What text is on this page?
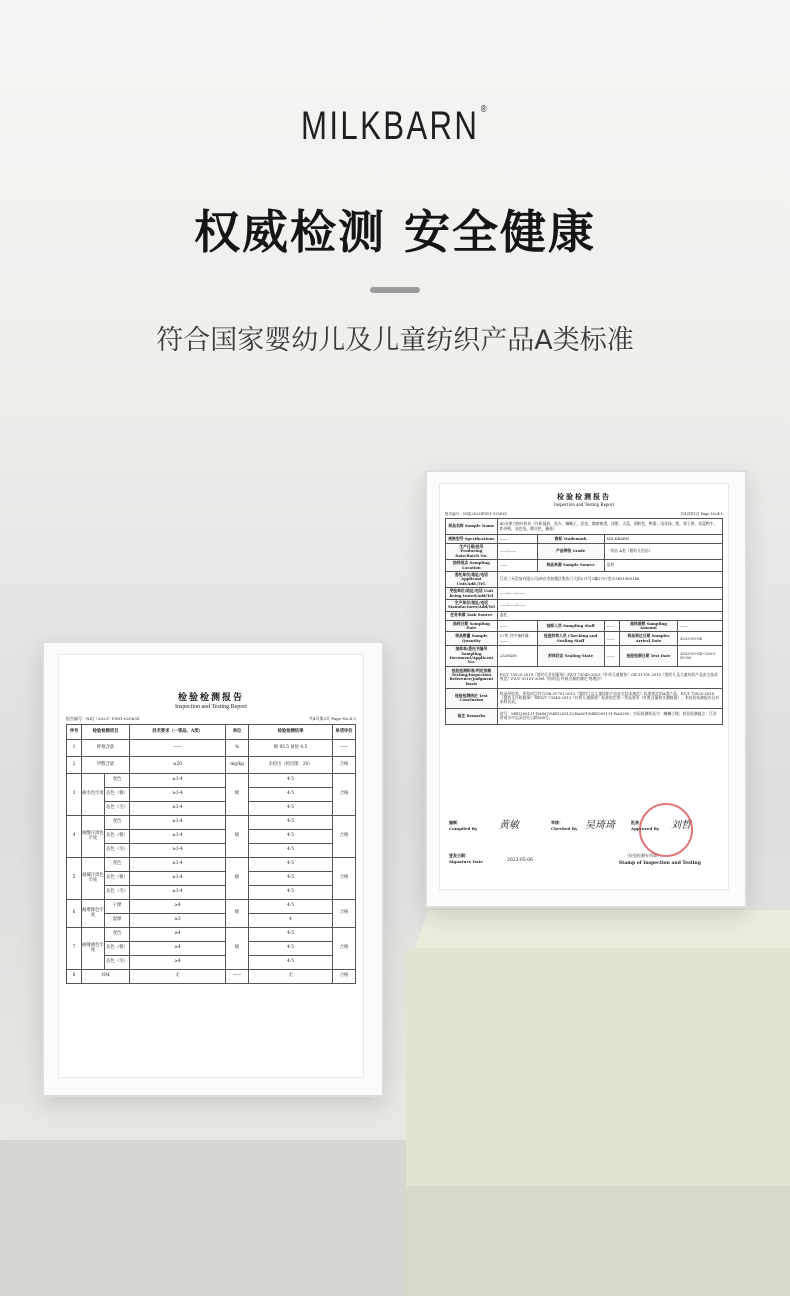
MILKBARN ®
权威检测 安全健康
符合国家婴幼儿及儿童纺织产品A类标准
检验检测报告
Inspection and Testing Report
报告编号：NZJ(2023)FZ01-02563Z	共4页第1页 Page No:4-1
样品名称 Sample Name	40支弹力棉针织布（针织插肩，洗衣，蛐蛐王，恐龙，飘窗棉滑，浅紫，天蓝，烟粉色，鸭蛋，浅灰绿，紫，梨子黄，灰蓝鸭牛，奶茶粉，灰色兔，暖沙色，蘑菇）				
规格型号 Specifications	——	商标 Trademark	MILKBARN		
生产日期/批号 Producing Date/Batch No.	——/——	产品等级 Grade	一等品 A类（婴幼儿用品）		
抽样地点 Sampling Location	——	样品来源 Sample Source	送样		
委托单位/地址/电话 Applicant Unit/Add./Tel.	江苏三禾贸易有限公司/南京市鼓楼区集庆门大街271号2幢2707室/13851960146				
受检单位/地址/电话 Unit being tested/Add/Tel	——/——/——				
生产单位/地址/电话 Manufacturer/Add/Tel	——/——/——				
任务来源 Task Source	委托				
抽样日期 Sampling Date	——	抽样人员 Sampling Staff	——	抽样基数 Sampling Amount	——
样品数量 Sample Quantity	17块 其中备样量：——	检查封样人员 Checking and Sealing Staff	——	样品到达日期 Samples Arrival Date	2023-05-04
抽样单/委托书编号 Sampling Document/Applicant No.	2320458	封样状态 Sealing State	——	检验检测日期 Test Date	2023-05-04~2023-05-06
检验检测标准/判定依据 Testing/Inspection Reference/Judgment Basis	FZ/T 73025-2019《婴幼儿针织服饰》FZ/T 73045-2013《针织儿童服装》GB 31701-2015《婴幼儿及儿童纺织产品安全技术规范》FZ/T 01101-2008《纺织品 纤维含量的测定 物理法》				
检验检测结论 Test Conclusion	样品经检验，所检项目符合GB 31701-2015《婴幼儿及儿童纺织产品安全技术规范》标准规定的A类产品；FZ/T 73025-2019《婴幼儿针织服饰》和FZ/T 73045-2013《针织儿童服装》标准规定的一等品要求（纤维含量按实测数据）。本检验检测报告仅对来样负责。				
备注 Remarks	款号：MB1205131-RA067/MB1205132-RA001/MB1005131-RA0200；实际检测样品为：蛐蛐小熊；检验检测地点：江苏省南京市玄武区红山路168号。				
编制：Compiled By 黄敏	审核：Checked By 吴琦琦	批准：Approved By 刘哲
签发日期：Signature Date	2023-05-06
（检验检测专用章）
Stamp of Inspection and Testing
检验检测报告
Inspection and Testing Report
报告编号：NZJ（2023）FZ01-02563Z	共4页第2页 Page No:4-2
序号	检验检测项目		技术要求（一等品、A类）	单位	检验检测结果	单项评价
1	纤维含量		——	%	棉 95.5 氨纶 4.5	——
2	甲醛含量		≤20	mg/kg	未检出（检出限：20）	合格
3	耐水色牢度	变色	≥3-4	级	4-5	合格
		沾色（棉）	≥3-4		4-5	
		沾色（毛）	≥3-4		4-5	
4	耐酸汗渍色牢度	变色	≥3-4	级	4-5	合格
		沾色（棉）	≥3-4		4-5	
		沾色（毛）	≥3-4		4-5	
5	耐碱汗渍色牢度	变色	≥3-4	级	4-5	合格
		沾色（棉）	≥3-4		4-5	
		沾色（毛）	≥3-4		4-5	
6	耐摩擦色牢度	干摩	≥4	级	4-5	合格
		湿摩	≥3		4	
7	耐唾液色牢度	变色	≥4	级	4-5	合格
		沾色（棉）	≥4		4-5	
		沾色（毛）	≥4		4-5	
8	异味		无	——	无	合格
